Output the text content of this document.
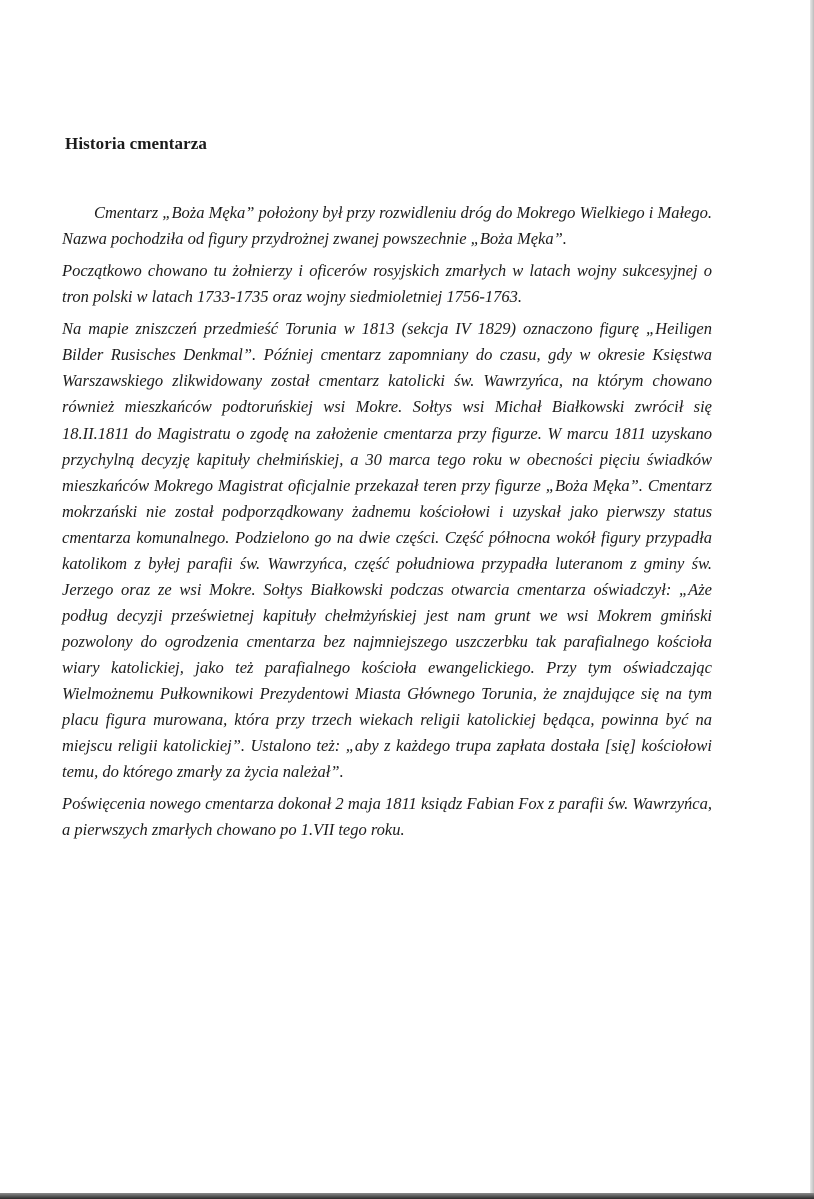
Historia cmentarza

Cmentarz „Boża Męka” położony był przy rozwidleniu dróg do Mokrego Wielkiego i Małego. Nazwa pochodziła od figury przydrożnej zwanej powszechnie „Boża Męka”.

Początkowo chowano tu żołnierzy i oficerów rosyjskich zmarłych w latach wojny sukcesyjnej o tron polski w latach 1733-1735 oraz wojny siedmioletniej 1756-1763.

Na mapie zniszczeń przedmieść Torunia w 1813 (sekcja IV 1829) oznaczono figurę „Heiligen Bilder Rusisches Denkmal”. Później cmentarz zapomniany do czasu, gdy w okresie Księstwa Warszawskiego zlikwidowany został cmentarz katolicki św. Wawrzyńca, na którym chowano również mieszkańców podtoruńskiej wsi Mokre. Sołtys wsi Michał Białkowski zwrócił się 18.II.1811 do Magistratu o zgodę na założenie cmentarza przy figurze. W marcu 1811 uzyskano przychylną decyzję kapituły chełmińskiej, a 30 marca tego roku w obecności pięciu świadków mieszkańców Mokrego Magistrat oficjalnie przekazał teren przy figurze „Boża Męka”. Cmentarz mokrzański nie został podporządkowany żadnemu kościołowi i uzyskał jako pierwszy status cmentarza komunalnego. Podzielono go na dwie części. Część północna wokół figury przypadła katolikom z byłej parafii św. Wawrzyńca, część południowa przypadła luteranom z gminy św. Jerzego oraz ze wsi Mokre. Sołtys Białkowski podczas otwarcia cmentarza oświadczył: „Aże podług decyzji prześwietnej kapituły chełmżyńskiej jest nam grunt we wsi Mokrem gmiński pozwolony do ogrodzenia cmentarza bez najmniejszego uszczerbku tak parafialnego kościoła wiary katolickiej, jako też parafialnego kościoła ewangelickiego. Przy tym oświadczając Wielmożnemu Pułkownikowi Prezydentowi Miasta Głównego Torunia, że znajdujące się na tym placu figura murowana, która przy trzech wiekach religii katolickiej będąca, powinna być na miejscu religii katolickiej”. Ustalono też: „aby z każdego trupa zapłata dostała [się] kościołowi temu, do którego zmarły za życia należał”.

Poświęcenia nowego cmentarza dokonał 2 maja 1811 ksiądz Fabian Fox z parafii św. Wawrzyńca, a pierwszych zmarłych chowano po 1.VII tego roku.
